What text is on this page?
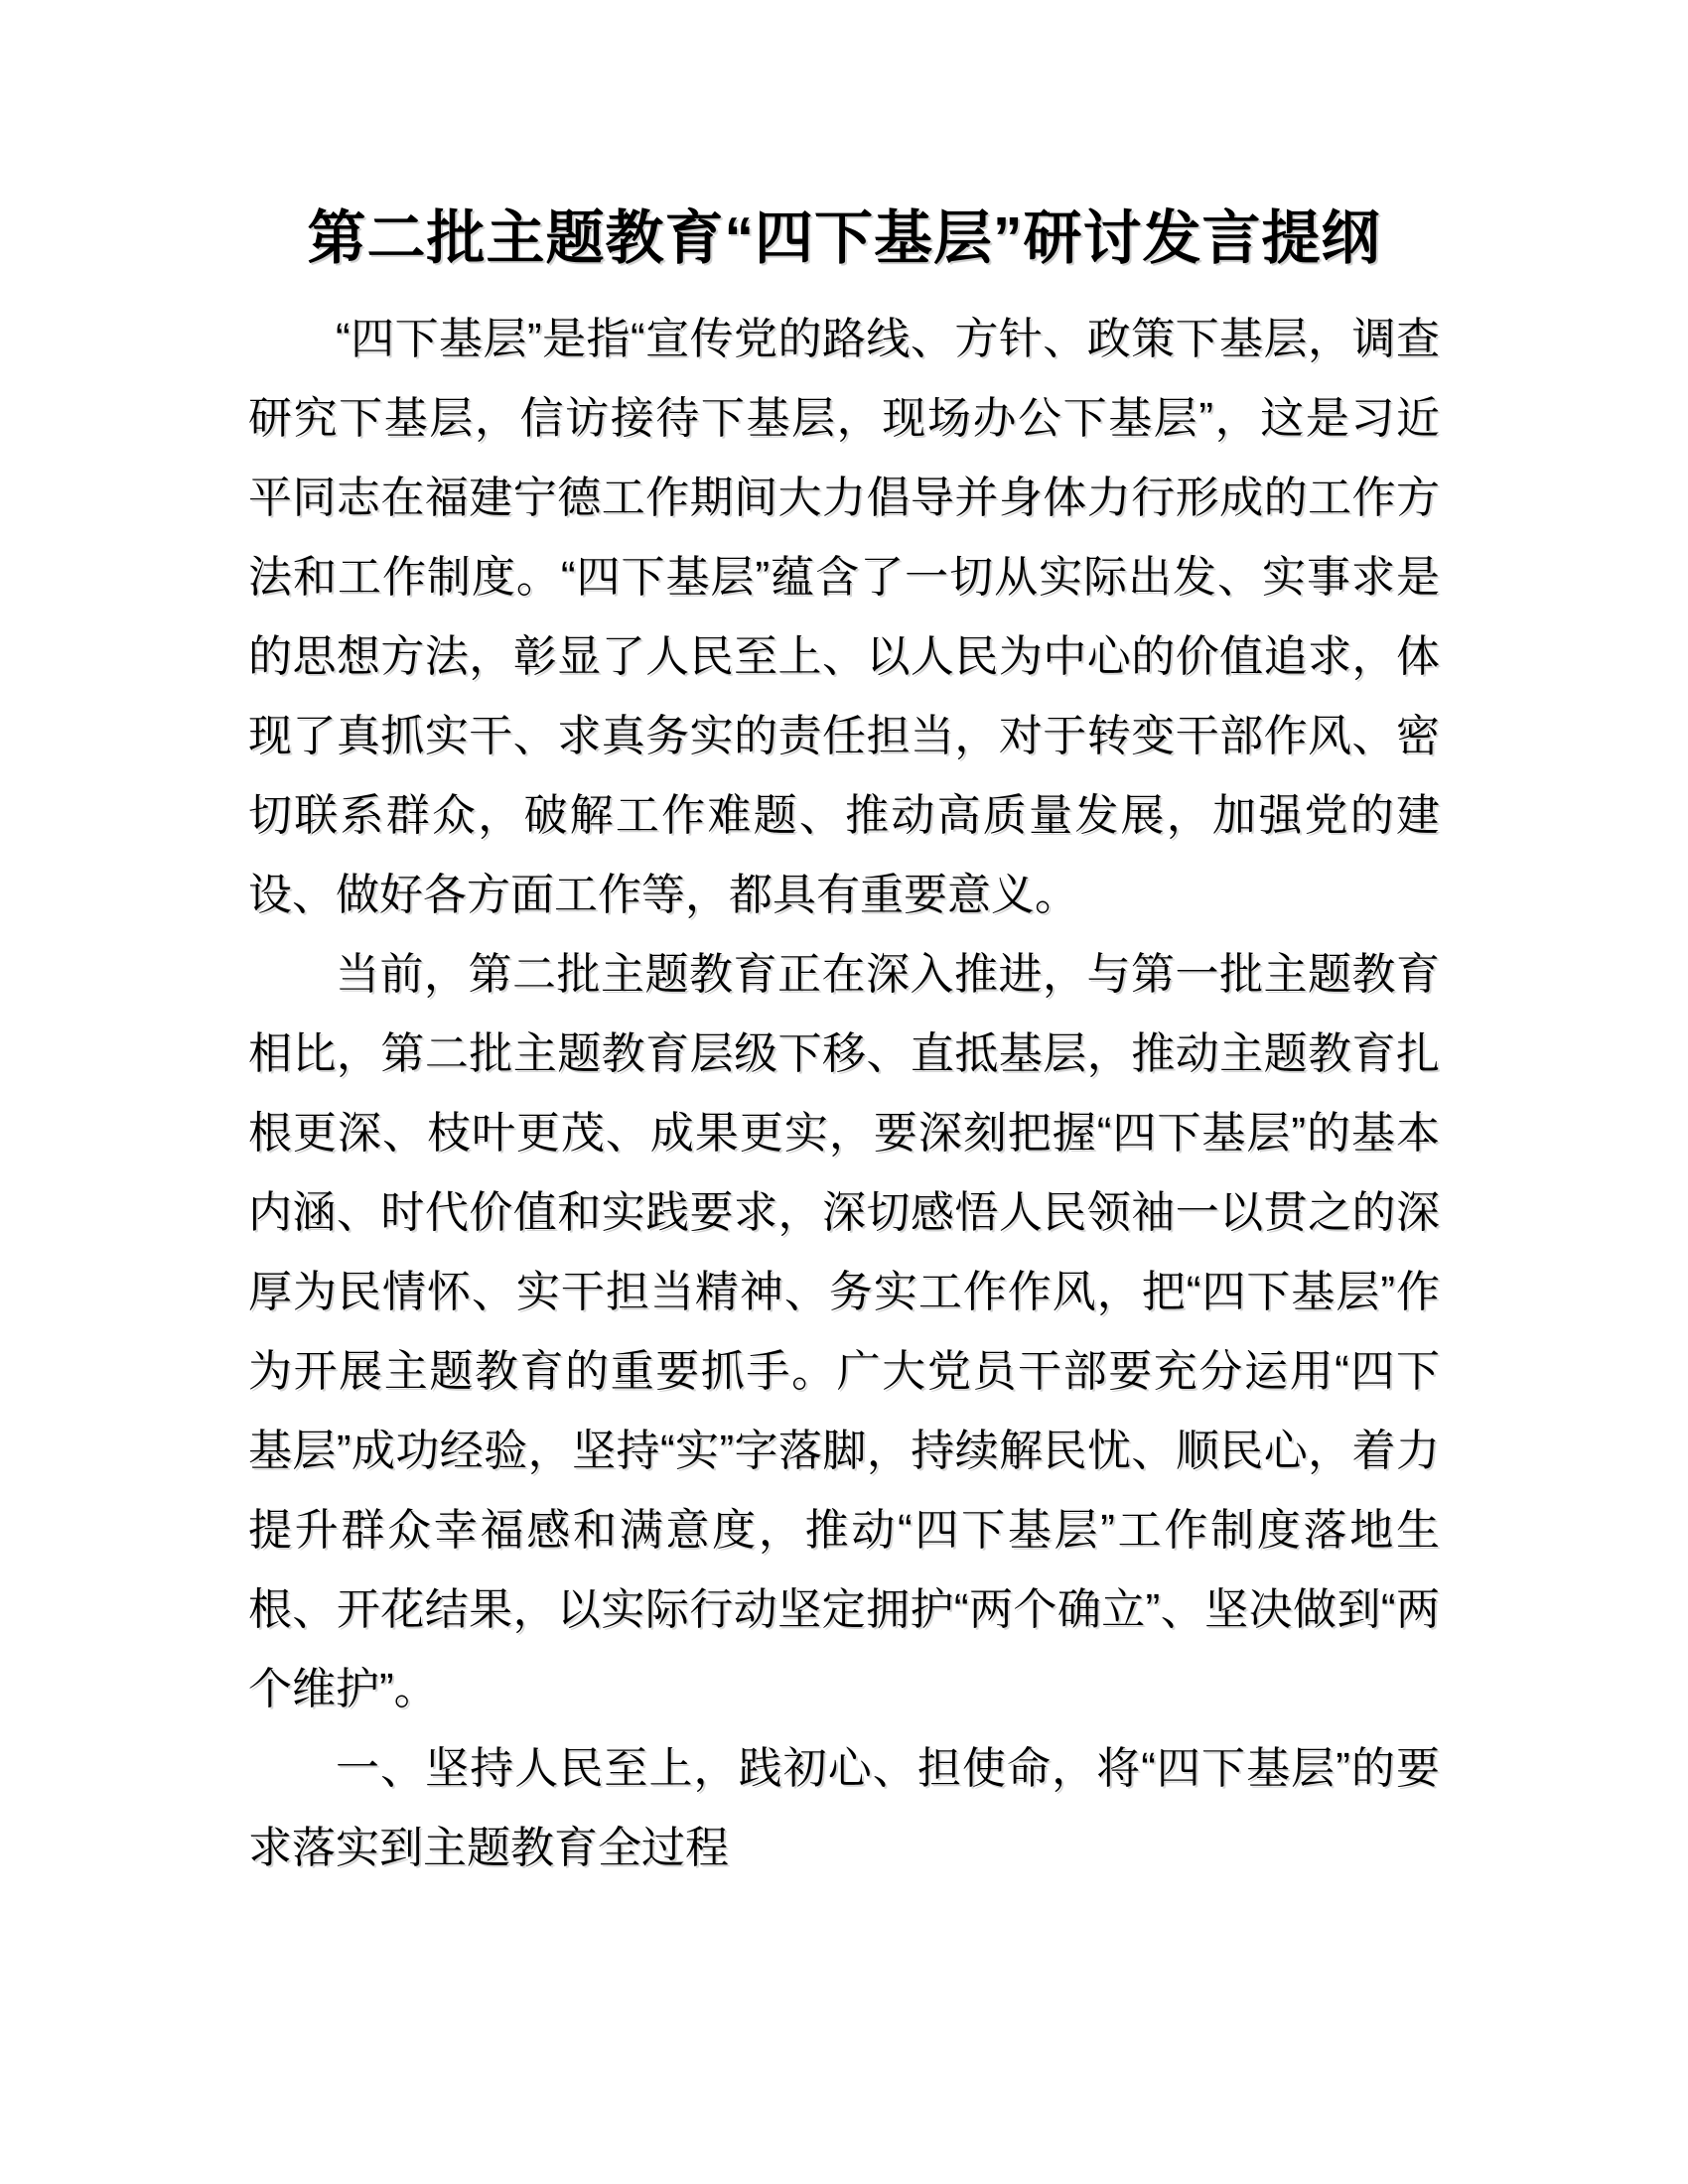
第二批主题教育“四下基层”研讨发言提纲

“四下基层”是指“宣传党的路线、方针、政策下基层，调查研究下基层，信访接待下基层，现场办公下基层”，这是习近平同志在福建宁德工作期间大力倡导并身体力行形成的工作方法和工作制度。“四下基层”蕴含了一切从实际出发、实事求是的思想方法，彰显了人民至上、以人民为中心的价值追求，体现了真抓实干、求真务实的责任担当，对于转变干部作风、密切联系群众，破解工作难题、推动高质量发展，加强党的建设、做好各方面工作等，都具有重要意义。

当前，第二批主题教育正在深入推进，与第一批主题教育相比，第二批主题教育层级下移、直抵基层，推动主题教育扎根更深、枝叶更茂、成果更实，要深刻把握“四下基层”的基本内涵、时代价值和实践要求，深切感悟人民领袖一以贯之的深厚为民情怀、实干担当精神、务实工作作风，把“四下基层”作为开展主题教育的重要抓手。广大党员干部要充分运用“四下基层”成功经验，坚持“实”字落脚，持续解民忧、顺民心，着力提升群众幸福感和满意度，推动“四下基层”工作制度落地生根、开花结果，以实际行动坚定拥护“两个确立”、坚决做到“两个维护”。

一、坚持人民至上，践初心、担使命，将“四下基层”的要求落实到主题教育全过程
